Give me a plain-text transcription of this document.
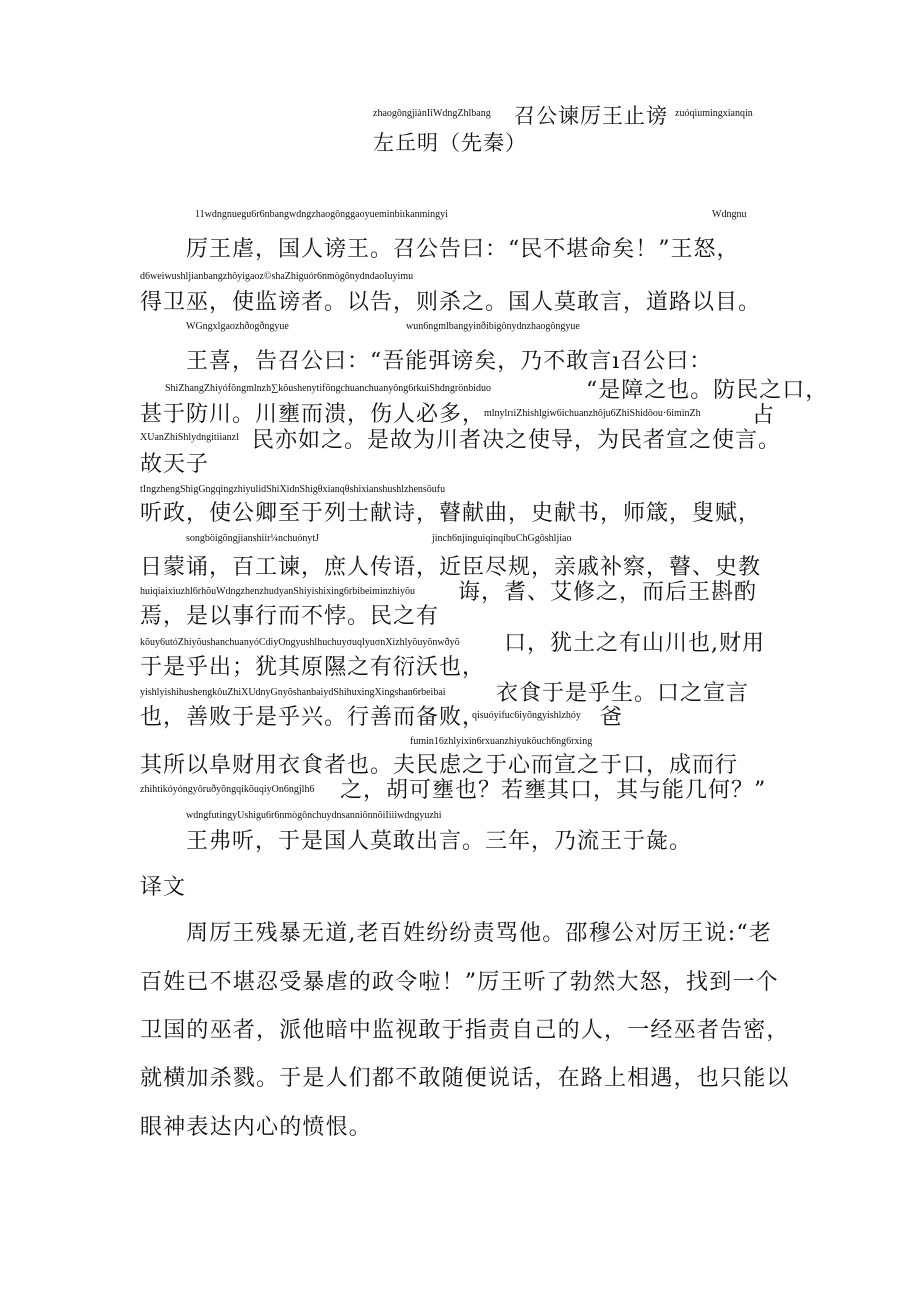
zhaogôngjiànIiWdngZhlbang 召公谏厉王止谤 zuóqiumingxianqin
左丘明（先秦）
11wdngnuegu6r6nbangwdngzhaogônggaoyueminbiıkanmingyi	Wdngnu
厉王虐，国人谤王。召公告曰：“民不堪命矣！”王怒，
d6weiwushljianbangzhôyigaoz©shaZhiguór6nmògônydndaoIuyimu
得卫巫，使监谤者。以告，则杀之。国人莫敢言，道路以目。
WGngxlgaozhðogðngyue	wun6ngmlbangyinðibigônydnzhaogôngyue
王喜，告召公曰：“吾能弭谤矣，乃不敢言ı召公曰：
ShiZhangZhiyófõngmlnzh∑kôushenytifõngchuanchuanyông6rkuiShdngrönbiduo	“是障之也。防民之口，
甚于防川。川壅而溃，伤人必多，
mlnylrıiZhishlgiw6ichuanzhôju6ZhiShidôou·6iminZh 占
XUanZhiShlydngitiianzl 民亦如之。是故为川者决之使导，为民者宣之使言。
故天子
tIngzhengShigGngqingzhiyulidShiXidnShigθxianqθshixianshushlzhensõufu
听政，使公卿至于列士献诗，瞽献曲，史献书，师箴，叟赋，
songböigõngjianshiir¼nchuónytJ	jinch6njinguiqinqibuChGgôshljiao
日蒙诵，百工谏，庶人传语，近臣尽规，亲戚补察，瞽、史教
huiqiaixiuzhl6rhõuWdngzhenzhudyanShiyishixing6rbibeiminzhiyõu 诲，耆、艾修之，而后王斟酌
焉，是以事行而不悖。民之有
kõuy6utóZhiyõushanchuanyóCdiyOngyushlhuchuyσuqlyuσnXizhlyõuyõnwðyõ 口，犹土之有山川也,财用
于是乎出；犹其原隰之有衍沃也，
yishlyishihushengkôuZhiXUdnyGnyõshanbaiydShihuxingXingshan6rbeibai 衣食于是乎生。口之宣言
也，善败于是乎兴。行善而备败，
qisuóyifuc6iyõngyishlzhóy 爸
fumin16zhlyixin6rxuanzhiyukõuch6ng6rxing
其所以阜财用衣食者也。夫民虑之于心而宣之于口，成而行
zhihtikóyóngyôruðyõngqikõuqiyOn6ngjlh6 之，胡可壅也？若壅其口，其与能几何？”
wdngfutingyUshigu6r6nmògônchuydnsanniõnnõiIiiiwdngyuzhi
王弗听，于是国人莫敢出言。三年，乃流王于彘。
译文
周厉王残暴无道,老百姓纷纷责骂他。邵穆公对厉王说:“老
百姓已不堪忍受暴虐的政令啦！”厉王听了勃然大怒，找到一个
卫国的巫者，派他暗中监视敢于指责自己的人，一经巫者告密，
就横加杀戮。于是人们都不敢随便说话，在路上相遇，也只能以
眼神表达内心的愤恨。
